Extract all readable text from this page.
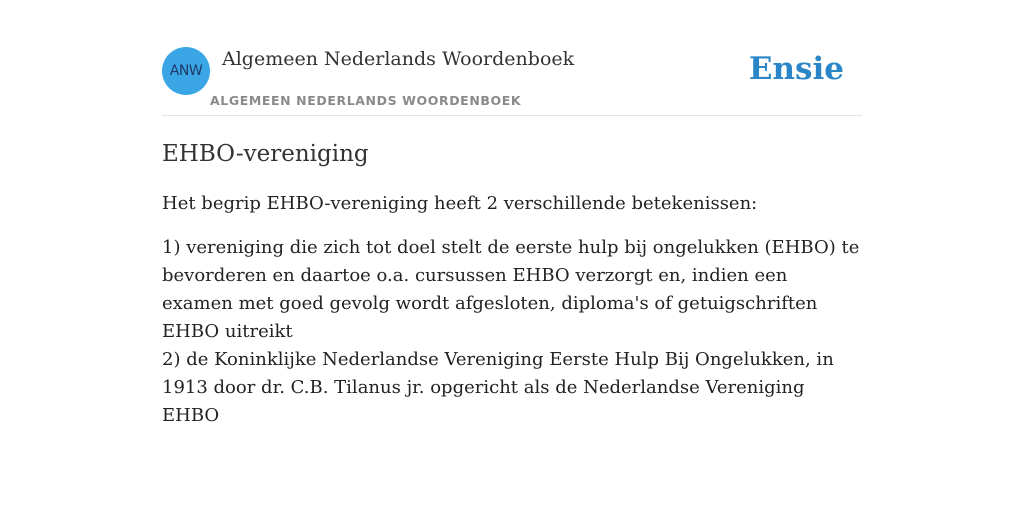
ANW
Algemeen Nederlands Woordenboek
ALGEMEEN NEDERLANDS WOORDENBOEK
Ensie
EHBO-vereniging

Het begrip EHBO-vereniging heeft 2 verschillende betekenissen:

1) vereniging die zich tot doel stelt de eerste hulp bij ongelukken (EHBO) te bevorderen en daartoe o.a. cursussen EHBO verzorgt en, indien een examen met goed gevolg wordt afgesloten, diploma's of getuigschriften EHBO uitreikt
2) de Koninklijke Nederlandse Vereniging Eerste Hulp Bij Ongelukken, in 1913 door dr. C.B. Tilanus jr. opgericht als de Nederlandse Vereniging EHBO
